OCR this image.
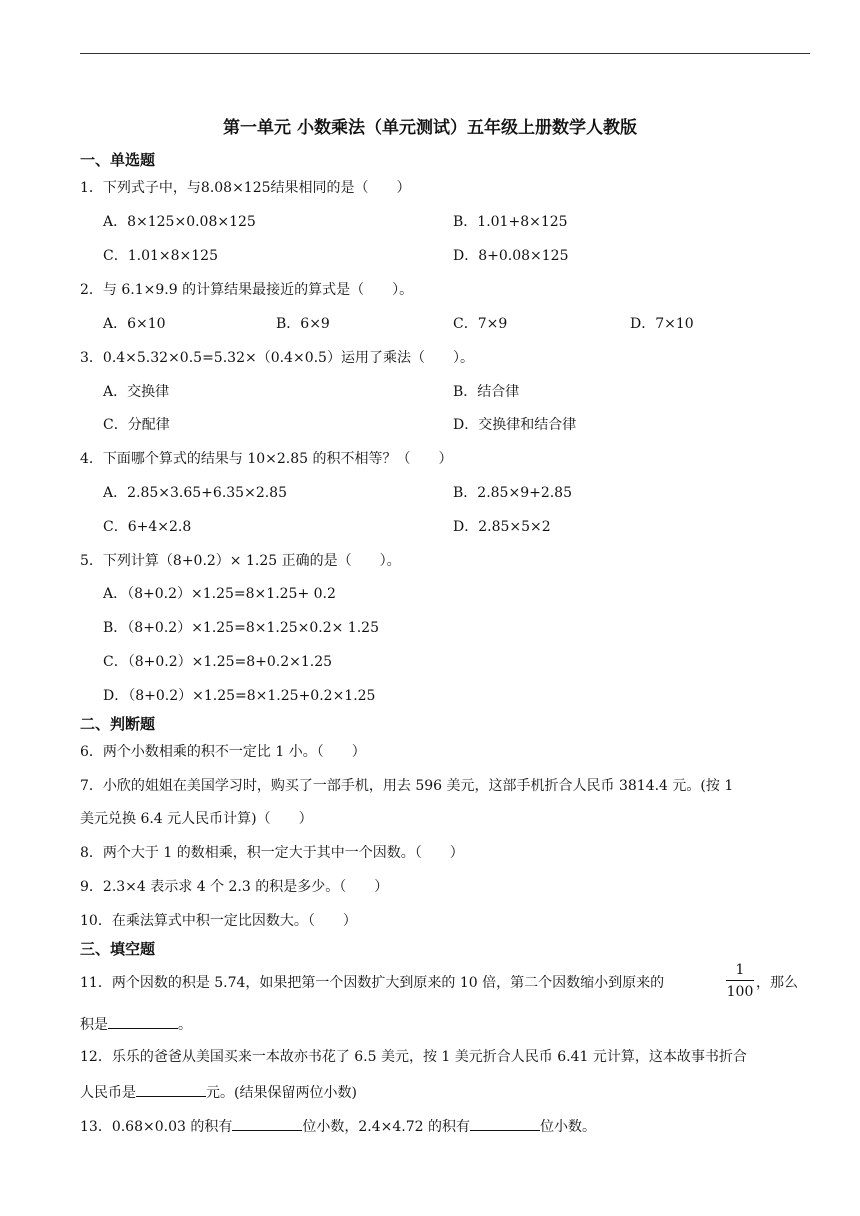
第一单元 小数乘法（单元测试）五年级上册数学人教版
一、单选题
1．下列式子中，与8.08×125结果相同的是（　　）
A．8×125×0.08×125	B．1.01+8×125
C．1.01×8×125	D．8+0.08×125
2．与 6.1×9.9 的计算结果最接近的算式是（　　）。
A．6×10	B．6×9	C．7×9	D．7×10
3．0.4×5.32×0.5=5.32×（0.4×0.5）运用了乘法（　　）。
A．交换律	B．结合律
C．分配律	D．交换律和结合律
4．下面哪个算式的结果与 10×2.85 的积不相等？（　　）
A．2.85×3.65+6.35×2.85	B．2.85×9+2.85
C．6+4×2.8	D．2.85×5×2
5．下列计算（8+0.2）× 1.25 正确的是（　　）。
A．（8+0.2）×1.25=8×1.25+ 0.2
B．（8+0.2）×1.25=8×1.25×0.2× 1.25
C．（8+0.2）×1.25=8+0.2×1.25
D．（8+0.2）×1.25=8×1.25+0.2×1.25
二、判断题
6．两个小数相乘的积不一定比 1 小。（　　）
7．小欣的姐姐在美国学习时，购买了一部手机，用去 596 美元，这部手机折合人民币 3814.4 元。(按 1
美元兑换 6.4 元人民币计算)（　　）
8．两个大于 1 的数相乘，积一定大于其中一个因数。（　　）
9．2.3×4 表示求 4 个 2.3 的积是多少。（　　）
10．在乘法算式中积一定比因数大。（　　）
三、填空题
11．两个因数的积是 5.74，如果把第一个因数扩大到原来的 10 倍，第二个因数缩小到原来的
1
100
，那么
积是	。
12．乐乐的爸爸从美国买来一本故亦书花了 6.5 美元，按 1 美元折合人民币 6.41 元计算，这本故事书折合
人民币是	元。(结果保留两位小数)
13．0.68×0.03 的积有	位小数，2.4×4.72 的积有	位小数。
